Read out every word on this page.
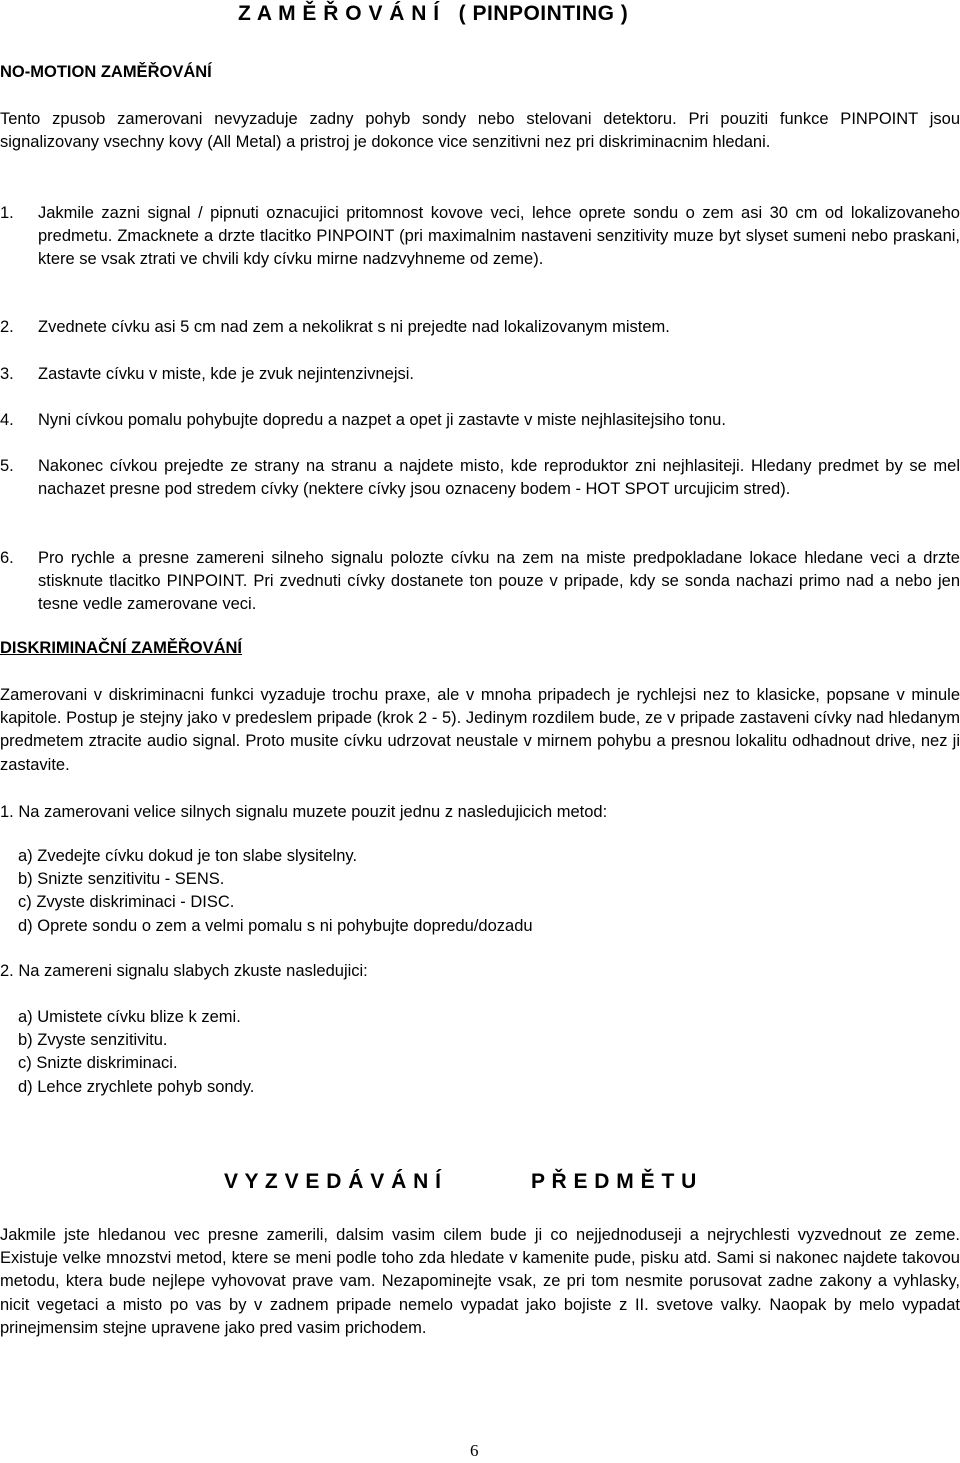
Z A M Ě Ř O V Á N Í   ( PINPOINTING )
NO-MOTION ZAMĚŘOVÁNÍ

Tento zpusob zamerovani nevyzaduje zadny pohyb sondy nebo stelovani detektoru. Pri pouziti funkce PINPOINT jsou signalizovany vsechny kovy (All Metal) a pristroj je dokonce vice senzitivni nez pri diskriminacnim hledani.

1. Jakmile zazni signal / pipnuti oznacujici pritomnost kovove veci, lehce oprete sondu o zem asi 30 cm od lokalizovaneho predmetu. Zmacknete a drzte tlacitko PINPOINT (pri maximalnim nastaveni senzitivity muze byt slyset sumeni nebo praskani, ktere se vsak ztrati ve chvili kdy cívku mirne nadzvyhneme od zeme).
2. Zvednete cívku asi 5 cm nad zem a nekolikrat s ni prejedte nad lokalizovanym mistem.
3. Zastavte cívku v miste, kde je zvuk nejintenzivnejsi.
4. Nyni cívkou pomalu pohybujte dopredu a nazpet a opet ji zastavte v miste nejhlasitejsiho tonu.
5. Nakonec cívkou prejedte ze strany na stranu a najdete misto, kde reproduktor zni nejhlasiteji. Hledany predmet by se mel nachazet presne pod stredem cívky (nektere cívky jsou oznaceny bodem - HOT SPOT urcujicim stred).
6. Pro rychle a presne zamereni silneho signalu polozte cívku na zem na miste predpokladane lokace hledane veci a drzte stisknute tlacitko PINPOINT. Pri zvednuti cívky dostanete ton pouze v pripade, kdy se sonda nachazi primo nad a nebo jen tesne vedle zamerovane veci.
DISKRIMINAČNÍ ZAMĚŘOVÁNÍ

Zamerovani v diskriminacni funkci vyzaduje trochu praxe, ale v mnoha pripadech je rychlejsi nez to klasicke, popsane v minule kapitole. Postup je stejny jako v predeslem pripade (krok 2 - 5). Jedinym rozdilem bude, ze v pripade zastaveni cívky nad hledanym predmetem ztracite audio signal. Proto musite cívku udrzovat neustale v mirnem pohybu a presnou lokalitu odhadnout drive, nez ji zastavite.

1. Na zamerovani velice silnych signalu muzete pouzit jednu z nasledujicich metod:

a) Zvedejte cívku dokud je ton slabe slysitelny.
b) Snizte senzitivitu - SENS.
c) Zvyste diskriminaci - DISC.
d) Oprete sondu o zem a velmi pomalu s ni pohybujte dopredu/dozadu

2. Na zamereni signalu slabych zkuste nasledujici:

a) Umistete cívku blize k zemi.
b) Zvyste senzitivitu.
c) Snizte diskriminaci.
d) Lehce zrychlete pohyb sondy.
V Y Z V E D Á V Á N Í	P Ř E D M Ě T U

Jakmile jste hledanou vec presne zamerili, dalsim vasim cilem bude ji co nejjednoduseji a nejrychlesti vyzvednout ze zeme. Existuje velke mnozstvi metod, ktere se meni podle toho zda hledate v kamenite pude, pisku atd. Sami si nakonec najdete takovou metodu, ktera bude nejlepe vyhovovat prave vam. Nezapominejte vsak, ze pri tom nesmite porusovat zadne zakony a vyhlasky, nicit vegetaci a misto po vas by v zadnem pripade nemelo vypadat jako bojiste z II. svetove valky. Naopak by melo vypadat prinejmensim stejne upravene jako pred vasim prichodem.

6
